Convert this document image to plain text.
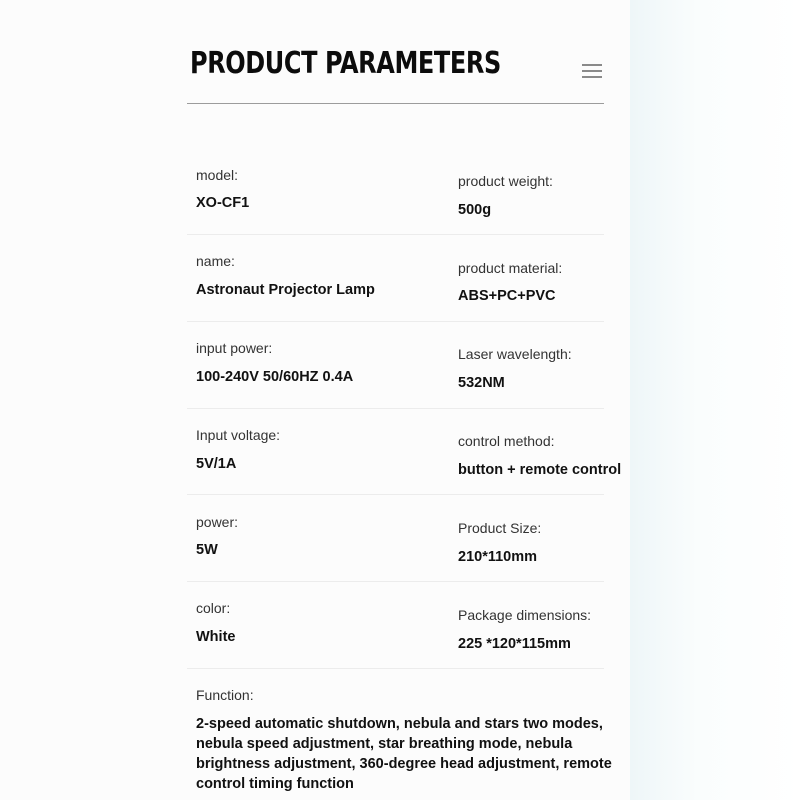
PRODUCT PARAMETERS
model:
XO-CF1
product weight:
500g
name:
Astronaut Projector Lamp
product material:
ABS+PC+PVC
input power:
100-240V 50/60HZ 0.4A
Laser wavelength:
532NM
Input voltage:
5V/1A
control method:
button + remote control
power:
5W
Product Size:
210*110mm
color:
White
Package dimensions:
225 *120*115mm
Function:
2-speed automatic shutdown, nebula and stars two modes, nebula speed adjustment, star breathing mode, nebula brightness adjustment, 360-degree head adjustment, remote control timing function
